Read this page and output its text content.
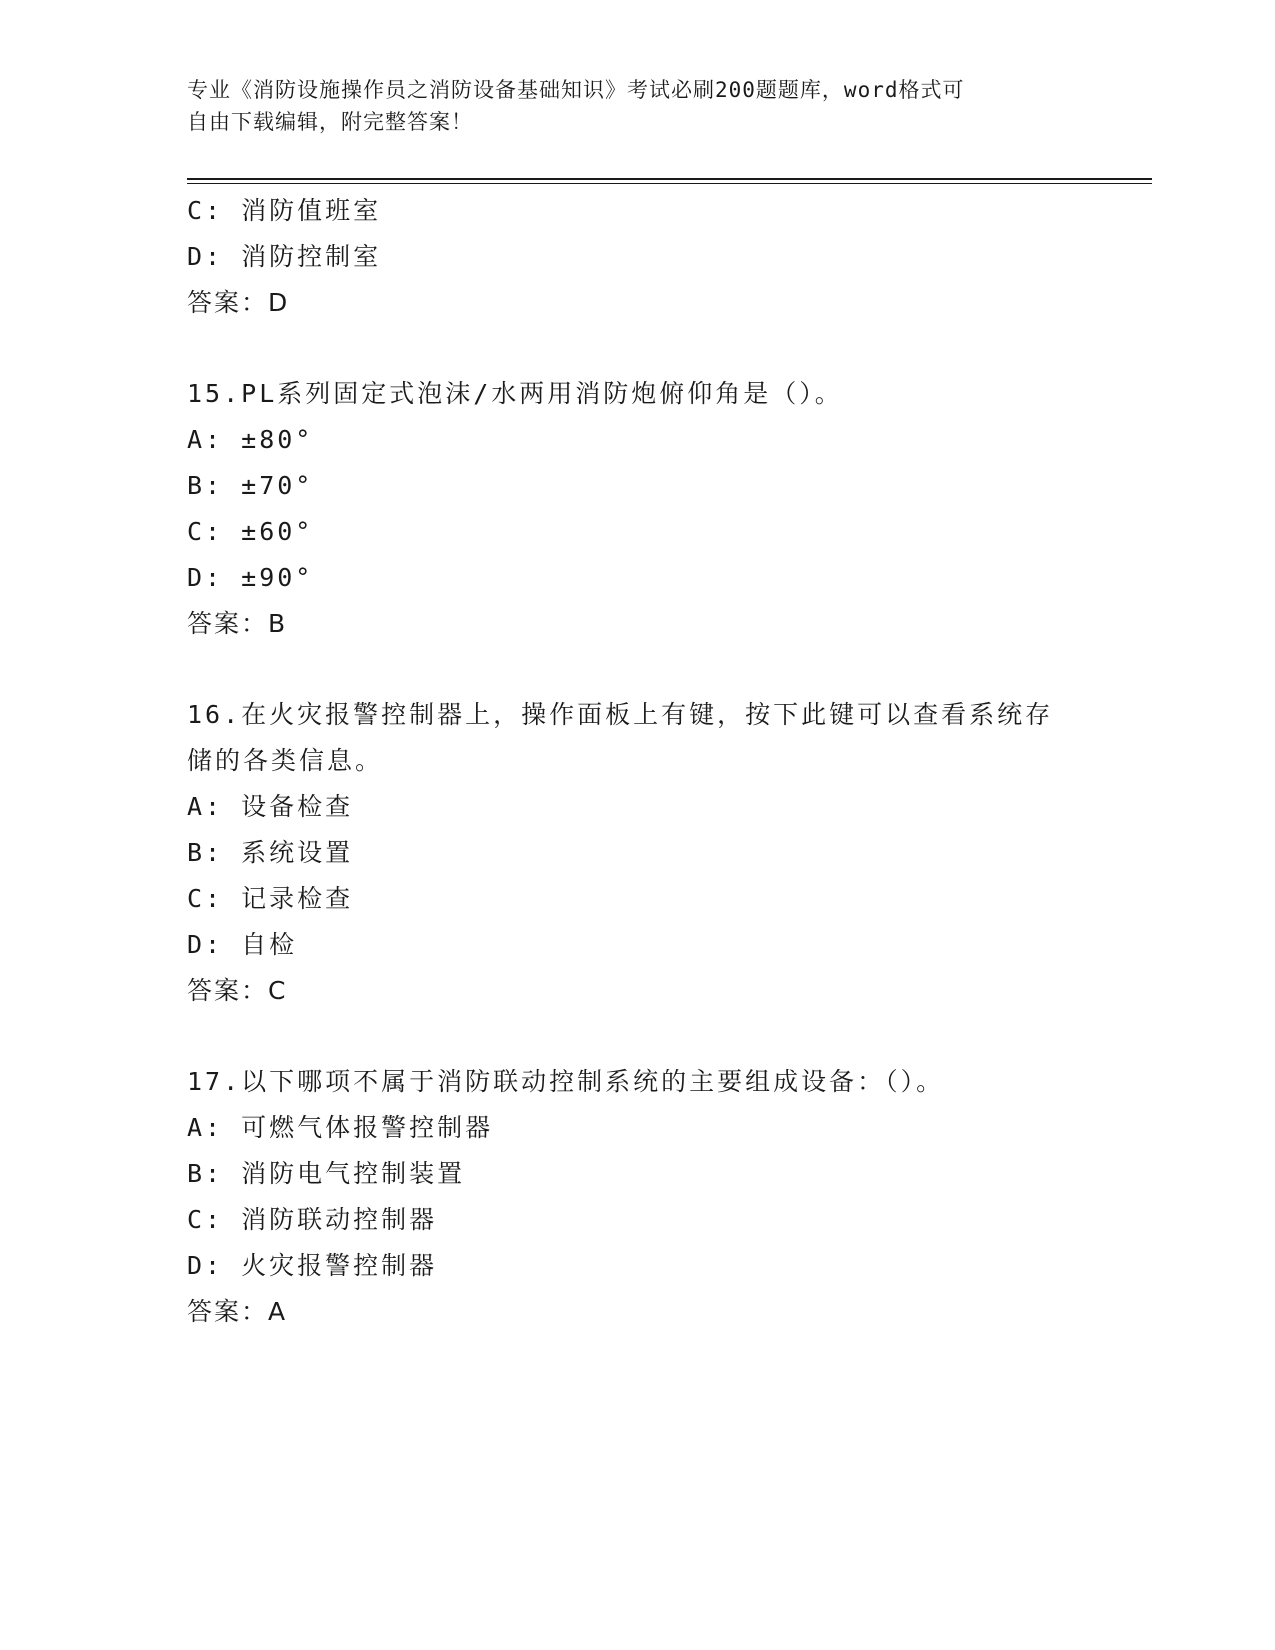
专业《消防设施操作员之消防设备基础知识》考试必刷200题题库，word格式可
自由下载编辑，附完整答案！
C: 消防值班室
D: 消防控制室
答案：D
15.PL系列固定式泡沫/水两用消防炮俯仰角是（）。
A: ±80°
B: ±70°
C: ±60°
D: ±90°
答案：B
16.在火灾报警控制器上，操作面板上有键，按下此键可以查看系统存
储的各类信息。
A: 设备检查
B: 系统设置
C: 记录检查
D: 自检
答案：C
17.以下哪项不属于消防联动控制系统的主要组成设备：（）。
A: 可燃气体报警控制器
B: 消防电气控制装置
C: 消防联动控制器
D: 火灾报警控制器
答案：A
